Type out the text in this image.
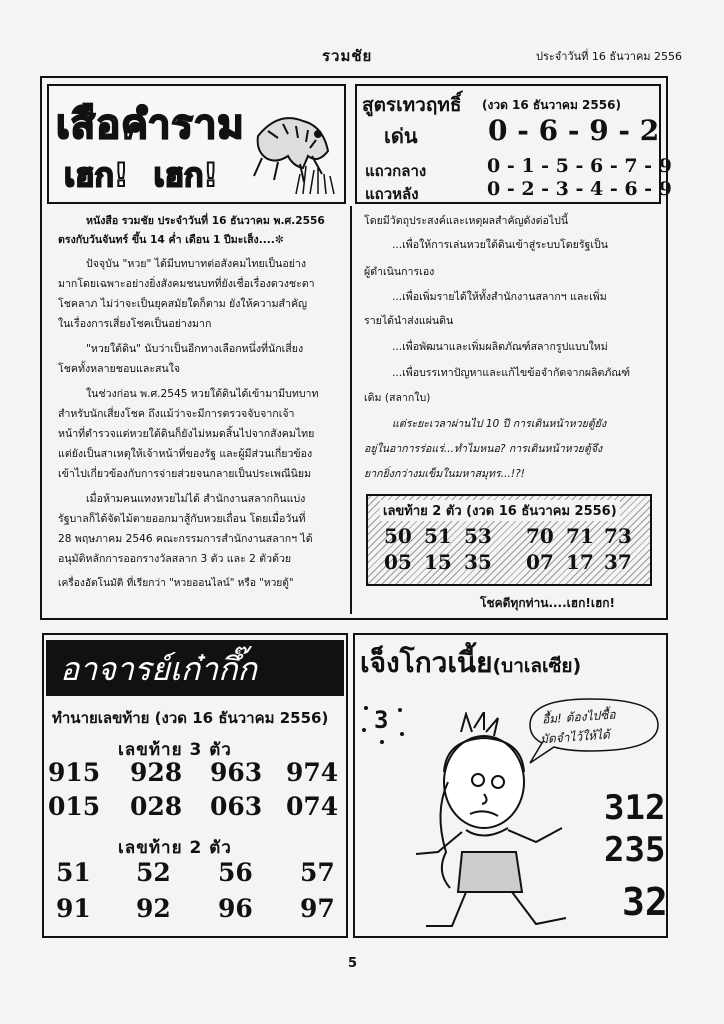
รวมชัย	ประจำวันที่ 16 ธันวาคม 2556
เสือคำราม
เฮก! เฮก!
สูตรเทวฤทธิ์ (งวด 16 ธันวาคม 2556)
เด่น	0 - 6 - 9 - 2
แถวกลาง	0 - 1 - 5 - 6 - 7 - 9
แถวหลัง	0 - 2 - 3 - 4 - 6 - 9
หนังสือ รวมชัย ประจำวันที่ 16 ธันวาคม พ.ศ.2556
ตรงกับวันจันทร์ ขึ้น 14 ค่ำ เดือน 1 ปีมะเส็ง....✼
ปัจจุบัน "หวย" ได้มีบทบาทต่อสังคมไทยเป็นอย่าง
มากโดยเฉพาะอย่างยิ่งสังคมชนบทที่ยังเชื่อเรื่องดวงชะตา
โชคลาภ ไม่ว่าจะเป็นยุคสมัยใดก็ตาม ยังให้ความสำคัญ
ในเรื่องการเสี่ยงโชคเป็นอย่างมาก
"หวยใต้ดิน" นับว่าเป็นอีกทางเลือกหนึ่งที่นักเสี่ยง
โชคทั้งหลายชอบและสนใจ
ในช่วงก่อน พ.ศ.2545 หวยใต้ดินได้เข้ามามีบทบาท
สำหรับนักเสี่ยงโชค ถึงแม้ว่าจะมีการตรวจจับจากเจ้า
หน้าที่ตำรวจแต่หวยใต้ดินก็ยังไม่หมดสิ้นไปจากสังคมไทย
แต่ยังเป็นสาเหตุให้เจ้าหน้าที่ของรัฐ และผู้มีส่วนเกี่ยวข้อง
เข้าไปเกี่ยวข้องกับการจ่ายส่วยจนกลายเป็นประเพณีนิยม
เมื่อห้ามคนแทงหวยไม่ได้ สำนักงานสลากกินแบ่ง
รัฐบาลก็ได้จัดไม้ตายออกมาสู้กับหวยเถื่อน โดยเมื่อวันที่
28 พฤษภาคม 2546 คณะกรรมการสำนักงานสลากฯ ได้
อนุมัติหลักการออกรางวัลสลาก 3 ตัว และ 2 ตัวด้วย
เครื่องอัตโนมัติ ที่เรียกว่า "หวยออนไลน์" หรือ "หวยตู้"
โดยมีวัตถุประสงค์และเหตุผลสำคัญดังต่อไปนี้
...เพื่อให้การเล่นหวยใต้ดินเข้าสู่ระบบโดยรัฐเป็น
ผู้ดำเนินการเอง
...เพื่อเพิ่มรายได้ให้ทั้งสำนักงานสลากฯ และเพิ่ม
รายได้นำส่งแผ่นดิน
...เพื่อพัฒนาและเพิ่มผลิตภัณฑ์สลากรูปแบบใหม่
...เพื่อบรรเทาปัญหาและแก้ไขข้อจำกัดจากผลิตภัณฑ์
เดิม (สลากใบ)
แต่ระยะเวลาผ่านไป 10 ปี การเดินหน้าหวยตู้ยัง
อยู่ในอาการร่อแร่...ทำไมหนอ? การเดินหน้าหวยตู้จึง
ยากยิ่งกว่างมเข็มในมหาสมุทร...!?!
เลขท้าย 2 ตัว (งวด 16 ธันวาคม 2556)
50 51 53 70 71 73
05 15 35 07 17 37
โชคดีทุกท่าน....เฮก!เฮก!
อาจารย์เก๋ากึ๊ก
ทำนายเลขท้าย (งวด 16 ธันวาคม 2556)
เลขท้าย 3 ตัว
915 928 963 974
015 028 063 074
เลขท้าย 2 ตัว
51 52 56 57
91 92 96 97
เจ็งโกวเนี้ย(บาเลเซีย)
3	อื้ม! ต้องไปซื้อ
มัดจำไว้ให้ได้
312
235
32
5
